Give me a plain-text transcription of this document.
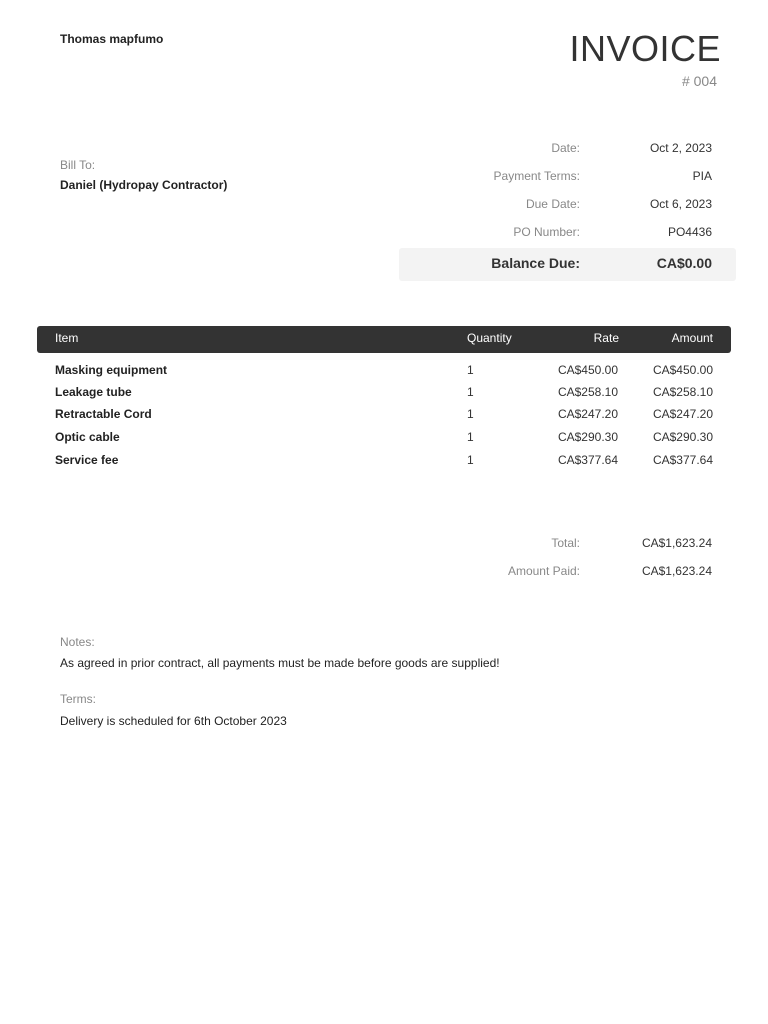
Thomas mapfumo	INVOICE
# 004
Bill To:
Daniel (Hydropay Contractor)
Date:	Oct 2, 2023
Payment Terms:	PIA
Due Date:	Oct 6, 2023
PO Number:	PO4436
Balance Due:	CA$0.00
Item	Quantity	Rate	Amount
Masking equipment	1	CA$450.00	CA$450.00
Leakage tube	1	CA$258.10	CA$258.10
Retractable Cord	1	CA$247.20	CA$247.20
Optic cable	1	CA$290.30	CA$290.30
Service fee	1	CA$377.64	CA$377.64
Total:	CA$1,623.24
Amount Paid:	CA$1,623.24
Notes:
As agreed in prior contract, all payments must be made before goods are supplied!
Terms:
Delivery is scheduled for 6th October 2023
